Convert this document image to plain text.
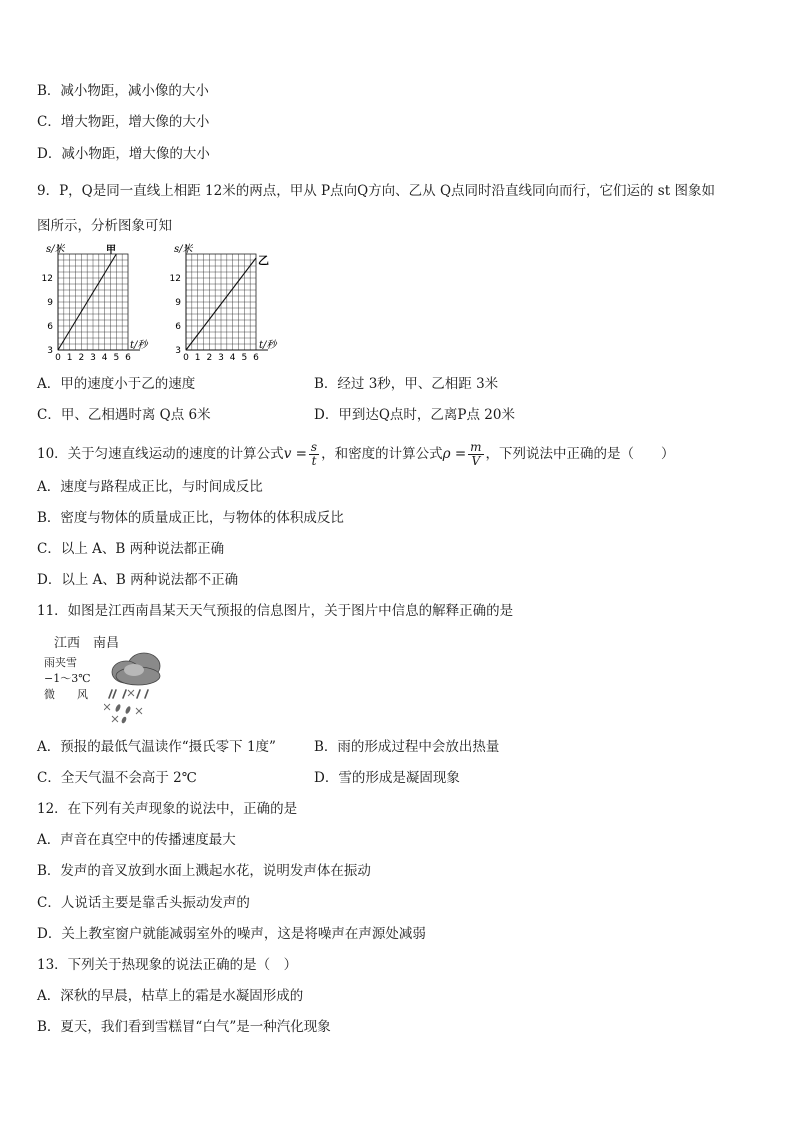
B．减小物距，减小像的大小
C．增大物距，增大像的大小
D．减小物距，增大像的大小
9．P，Q是同一直线上相距 12米的两点，甲从 P点向Q方向、乙从 Q点同时沿直线同向而行，它们运的 st 图象如
图所示，分析图象可知
s/米	甲
12
9
6
3
0 1 2 3 4 5 6
t/秒
s/米
乙
12
9
6
3
0 1 2 3 4 5 6
t/秒
A．甲的速度小于乙的速度	B．经过 3秒，甲、乙相距 3米
C．甲、乙相遇时离 Q点 6米	D．甲到达Q点时，乙离P点 20米
10．关于匀速直线运动的速度的计算公式$v = \frac{s}{t}$ ，和密度的计算公式$\rho = \frac{m}{V}$ ，下列说法中正确的是（　　）
A．速度与路程成正比，与时间成反比
B．密度与物体的质量成正比，与物体的体积成反比
C．以上 A、B 两种说法都正确
D．以上 A、B 两种说法都不正确
11．如图是江西南昌某天天气预报的信息图片，关于图片中信息的解释正确的是
江西　南昌
雨夹雪
−1～3℃
微　　风
A．预报的最低气温读作“摄氏零下 1度”	B．雨的形成过程中会放出热量
C．全天气温不会高于 2℃	D．雪的形成是凝固现象
12．在下列有关声现象的说法中，正确的是
A．声音在真空中的传播速度最大
B．发声的音叉放到水面上溅起水花，说明发声体在振动
C．人说话主要是靠舌头振动发声的
D．关上教室窗户就能减弱室外的噪声，这是将噪声在声源处减弱
13．下列关于热现象的说法正确的是（　）
A．深秋的早晨，枯草上的霜是水凝固形成的
B．夏天，我们看到雪糕冒“白气”是一种汽化现象
